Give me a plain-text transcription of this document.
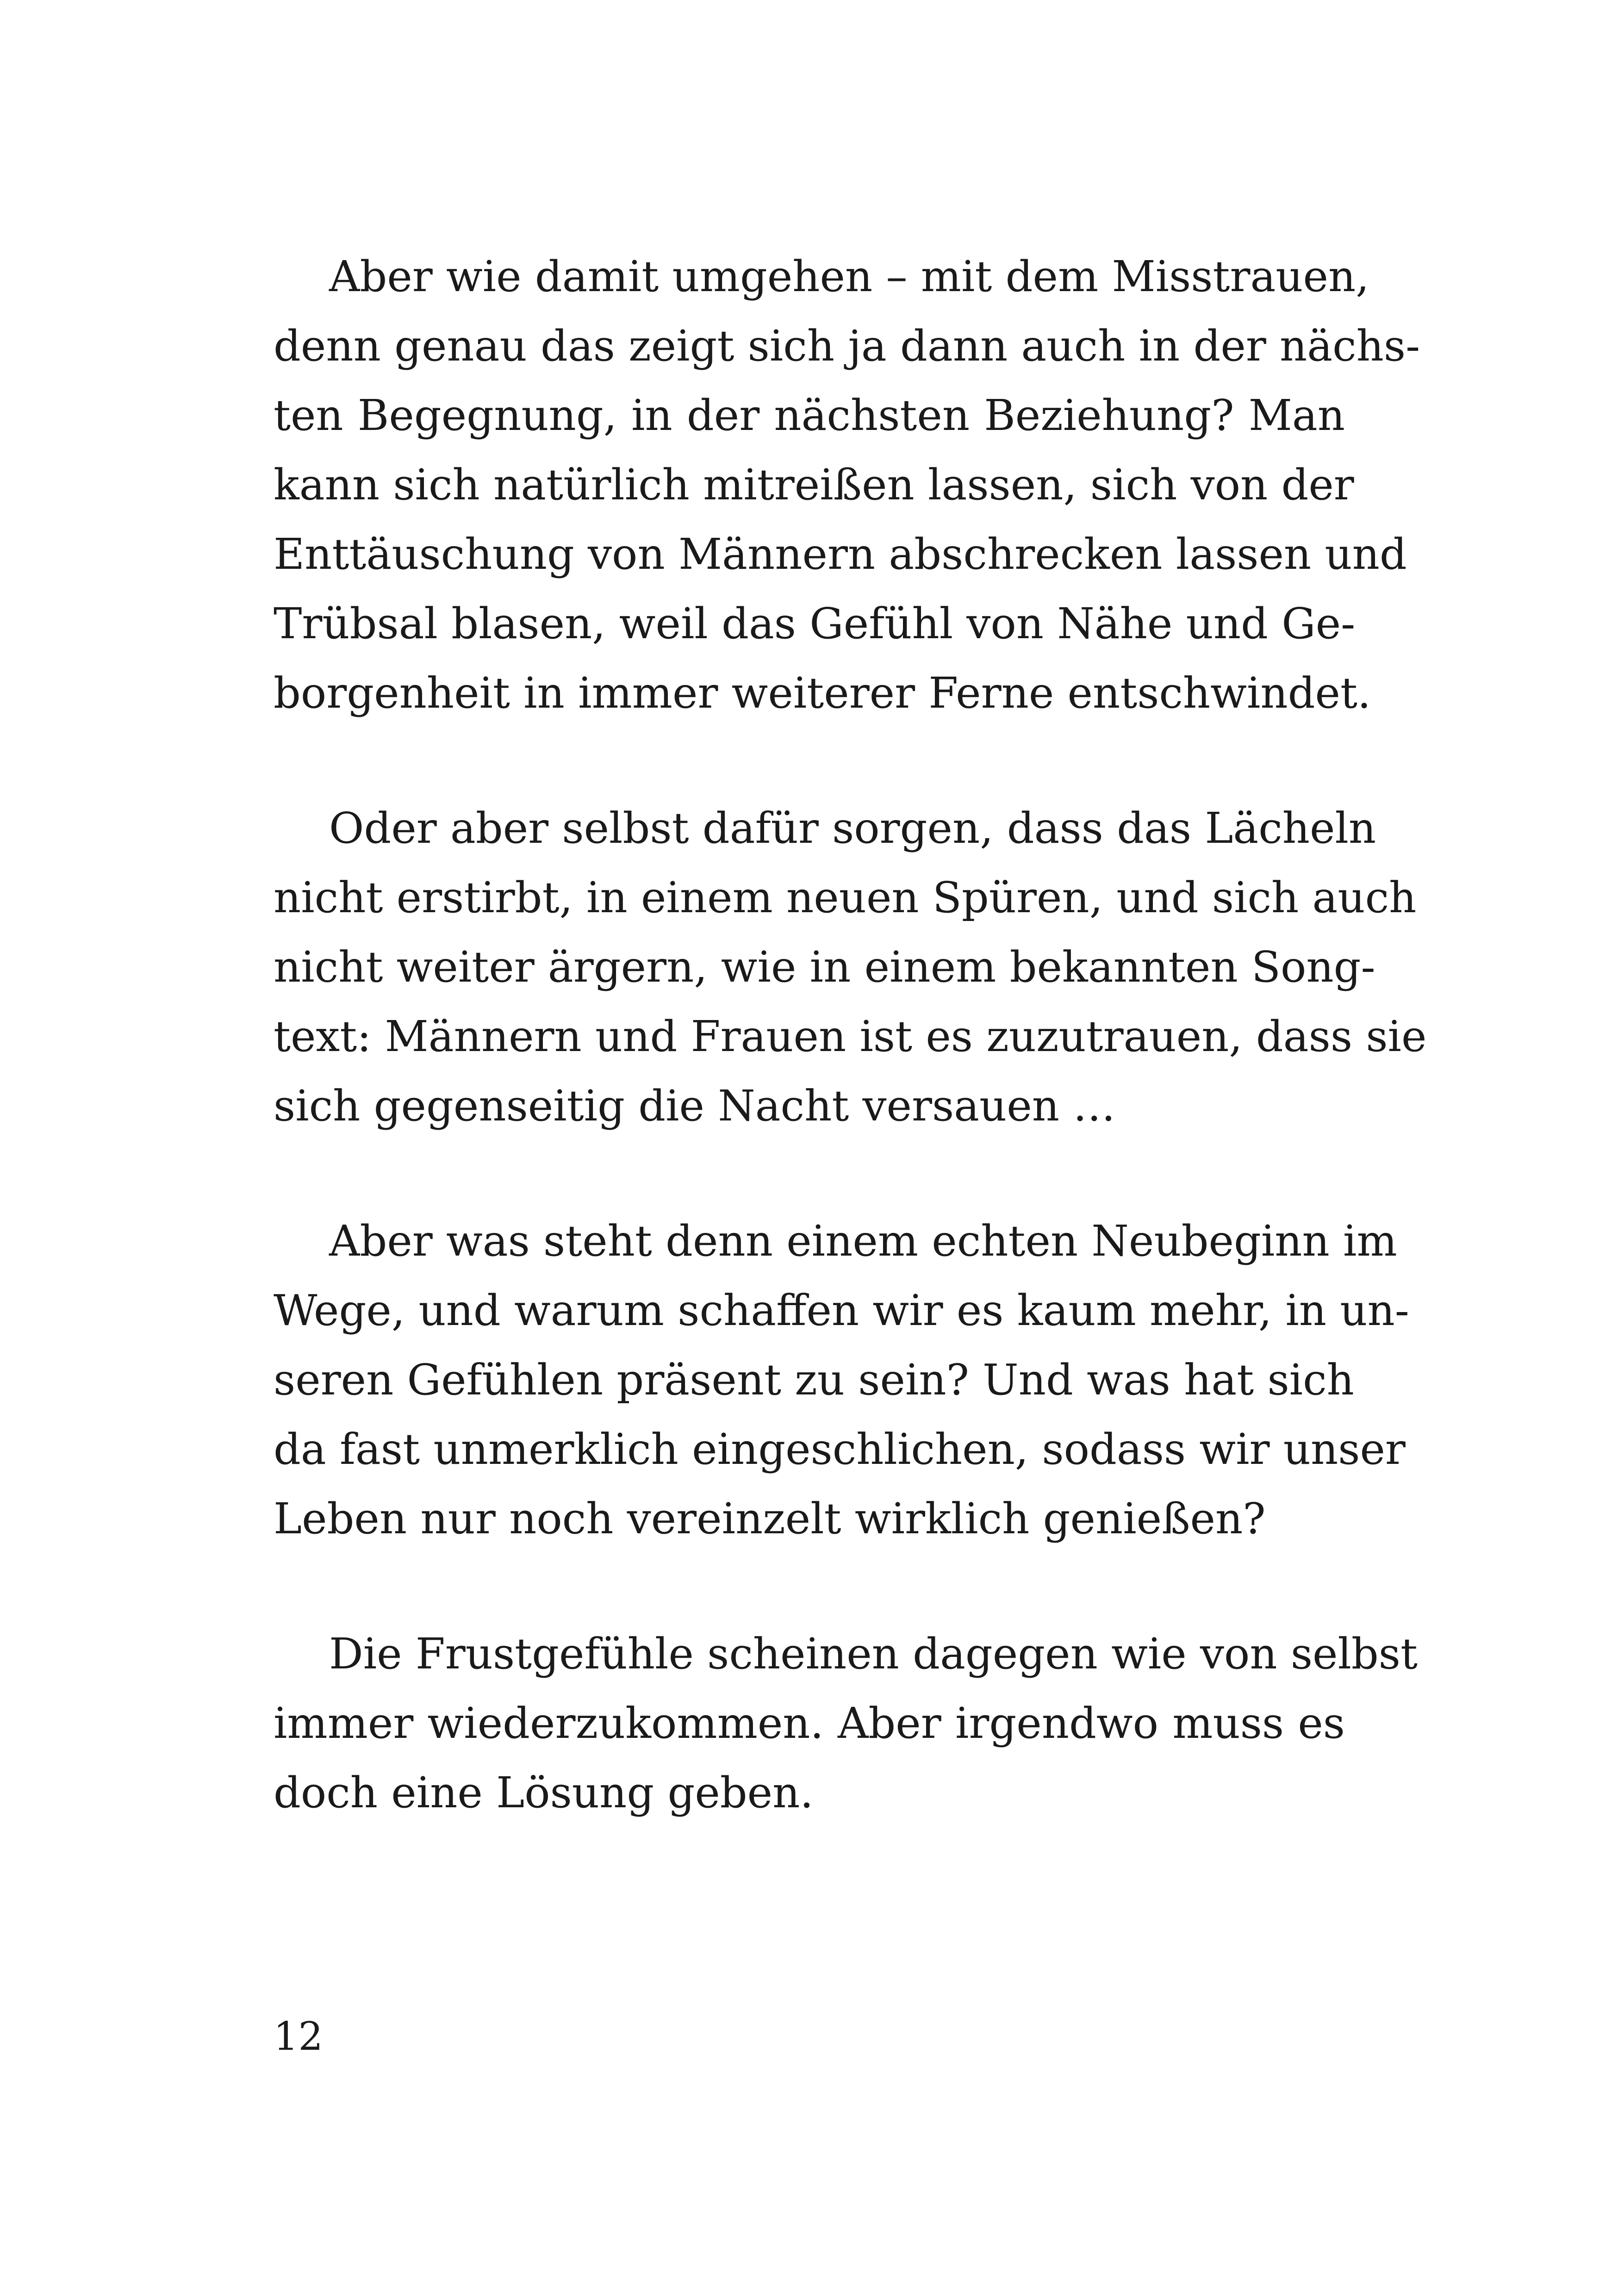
Aber wie damit umgehen – mit dem Misstrauen,
denn genau das zeigt sich ja dann auch in der nächs-
ten Begegnung, in der nächsten Beziehung? Man
kann sich natürlich mitreißen lassen, sich von der
Enttäuschung von Männern abschrecken lassen und
Trübsal blasen, weil das Gefühl von Nähe und Ge-
borgenheit in immer weiterer Ferne entschwindet.
Oder aber selbst dafür sorgen, dass das Lächeln
nicht erstirbt, in einem neuen Spüren, und sich auch
nicht weiter ärgern, wie in einem bekannten Song-
text: Männern und Frauen ist es zuzutrauen, dass sie
sich gegenseitig die Nacht versauen …
Aber was steht denn einem echten Neubeginn im
Wege, und warum schaffen wir es kaum mehr, in un-
seren Gefühlen präsent zu sein? Und was hat sich
da fast unmerklich eingeschlichen, sodass wir unser
Leben nur noch vereinzelt wirklich genießen?
Die Frustgefühle scheinen dagegen wie von selbst
immer wiederzukommen. Aber irgendwo muss es
doch eine Lösung geben.
12
